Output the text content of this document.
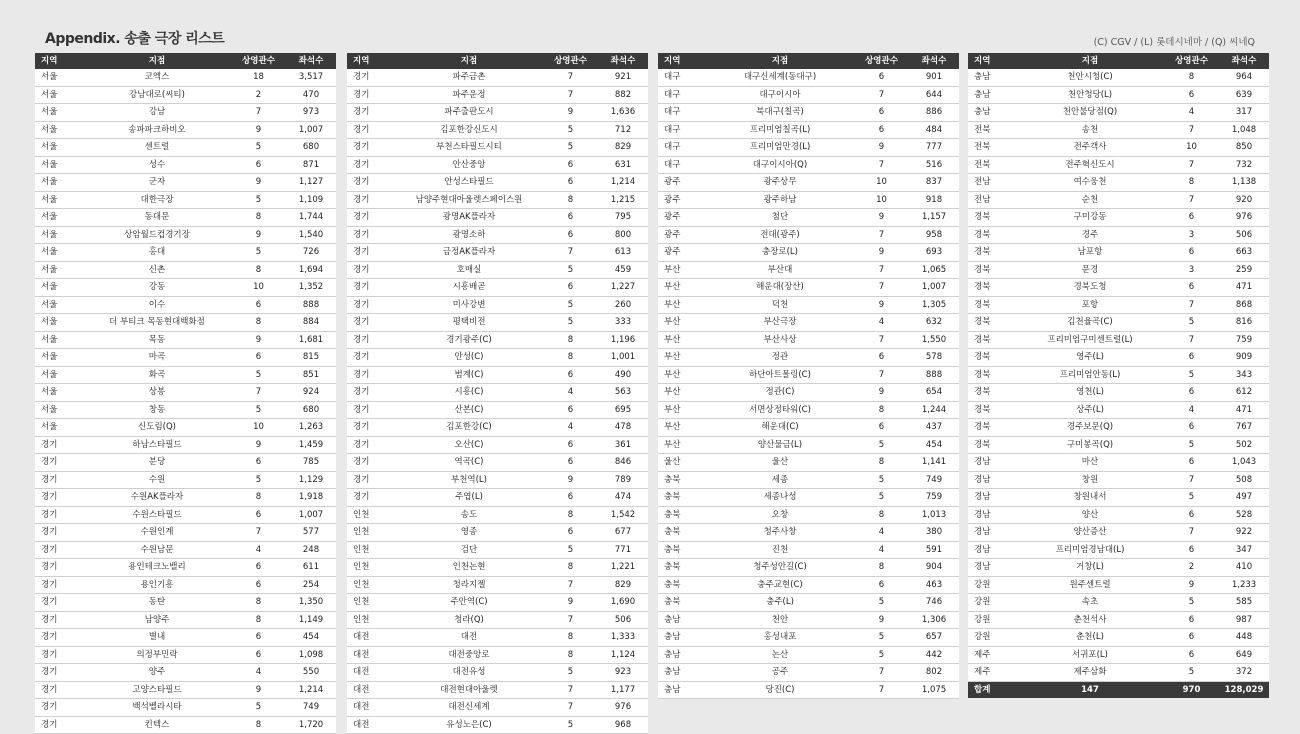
Appendix. 송출 극장 리스트	(C) CGV / (L) 롯데시네마 / (Q) 씨네Q
지역	지점	상영관수	좌석수
서울	코엑스	18	3,517
서울	강남대로(씨티)	2	470
서울	강남	7	973
서울	송파파크하비오	9	1,007
서울	센트럴	5	680
서울	성수	6	871
서울	군자	9	1,127
서울	대한극장	5	1,109
서울	동대문	8	1,744
서울	상암월드컵경기장	9	1,540
서울	홍대	5	726
서울	신촌	8	1,694
서울	강동	10	1,352
서울	이수	6	888
서울	더 부티크 목동현대백화점	8	884
서울	목동	9	1,681
서울	마곡	6	815
서울	화곡	5	851
서울	상봉	7	924
서울	창동	5	680
서울	신도림(Q)	10	1,263
경기	하남스타필드	9	1,459
경기	분당	6	785
경기	수원	5	1,129
경기	수원AK플라자	8	1,918
경기	수원스타필드	6	1,007
경기	수원인계	7	577
경기	수원남문	4	248
경기	용인테크노밸리	6	611
경기	용인기흥	6	254
경기	동탄	8	1,350
경기	남양주	8	1,149
경기	별내	6	454
경기	의정부민락	6	1,098
경기	양주	4	550
경기	고양스타필드	9	1,214
경기	백석벨라시타	5	749
경기	킨텍스	8	1,720
지역	지점	상영관수	좌석수
경기	파주금촌	7	921
경기	파주운정	7	882
경기	파주출판도시	9	1,636
경기	김포한강신도시	5	712
경기	부천스타필드시티	5	829
경기	안산중앙	6	631
경기	안성스타필드	6	1,214
경기	남양주현대아울렛스페이스원	8	1,215
경기	광명AK플라자	6	795
경기	광명소하	6	800
경기	금정AK플라자	7	613
경기	호매실	5	459
경기	시흥배곧	6	1,227
경기	미사강변	5	260
경기	평택비전	5	333
경기	경기광주(C)	8	1,196
경기	안성(C)	8	1,001
경기	범계(C)	6	490
경기	시흥(C)	4	563
경기	산본(C)	6	695
경기	김포한강(C)	4	478
경기	오산(C)	6	361
경기	역곡(C)	6	846
경기	부천역(L)	9	789
경기	주엽(L)	6	474
인천	송도	8	1,542
인천	영종	6	677
인천	검단	5	771
인천	인천논현	8	1,221
인천	청라지젤	7	829
인천	주안역(C)	9	1,690
인천	청라(Q)	7	506
대전	대전	8	1,333
대전	대전중앙로	8	1,124
대전	대전유성	5	923
대전	대전현대아울렛	7	1,177
대전	대전신세계	7	976
대전	유성노은(C)	5	968
지역	지점	상영관수	좌석수
대구	대구신세계(동대구)	6	901
대구	대구이시아	7	644
대구	북대구(칠곡)	6	886
대구	프리미엄칠곡(L)	6	484
대구	프리미엄만경(L)	9	777
대구	대구이시아(Q)	7	516
광주	광주상무	10	837
광주	광주하남	10	918
광주	첨단	9	1,157
광주	전대(광주)	7	958
광주	충장로(L)	9	693
부산	부산대	7	1,065
부산	해운대(장산)	7	1,007
부산	덕천	9	1,305
부산	부산극장	4	632
부산	부산사상	7	1,550
부산	정관	6	578
부산	하단아트몰링(C)	7	888
부산	정관(C)	9	654
부산	서면상정타워(C)	8	1,244
부산	해운대(C)	6	437
부산	양산물금(L)	5	454
울산	울산	8	1,141
충북	세종	5	749
충북	세종나성	5	759
충북	오창	8	1,013
충북	청주사창	4	380
충북	진천	4	591
충북	청주성안길(C)	8	904
충북	충주교현(C)	6	463
충북	충주(L)	5	746
충남	천안	9	1,306
충남	홍성내포	5	657
충남	논산	5	442
충남	공주	7	802
충남	당진(C)	7	1,075
지역	지점	상영관수	좌석수
충남	천안시청(C)	8	964
충남	천안청당(L)	6	639
충남	천안불당점(Q)	4	317
전북	송천	7	1,048
전북	전주객사	10	850
전북	전주혁신도시	7	732
전남	여수웅천	8	1,138
전남	순천	7	920
경북	구미강동	6	976
경북	경주	3	506
경북	남포항	6	663
경북	문경	3	259
경북	경북도청	6	471
경북	포항	7	868
경북	김천율곡(C)	5	816
경북	프리미엄구미센트럴(L)	7	759
경북	영주(L)	6	909
경북	프리미엄안동(L)	5	343
경북	영천(L)	6	612
경북	상주(L)	4	471
경북	경주보문(Q)	6	767
경북	구미봉곡(Q)	5	502
경남	마산	6	1,043
경남	창원	7	508
경남	창원내서	5	497
경남	양산	6	528
경남	양산증산	7	922
경남	프리미엄경남대(L)	6	347
경남	거창(L)	2	410
강원	원주센트럴	9	1,233
강원	속초	5	585
강원	춘천석사	6	987
강원	춘천(L)	6	448
제주	서귀포(L)	6	649
제주	제주삼화	5	372
합계	147	970	128,029
